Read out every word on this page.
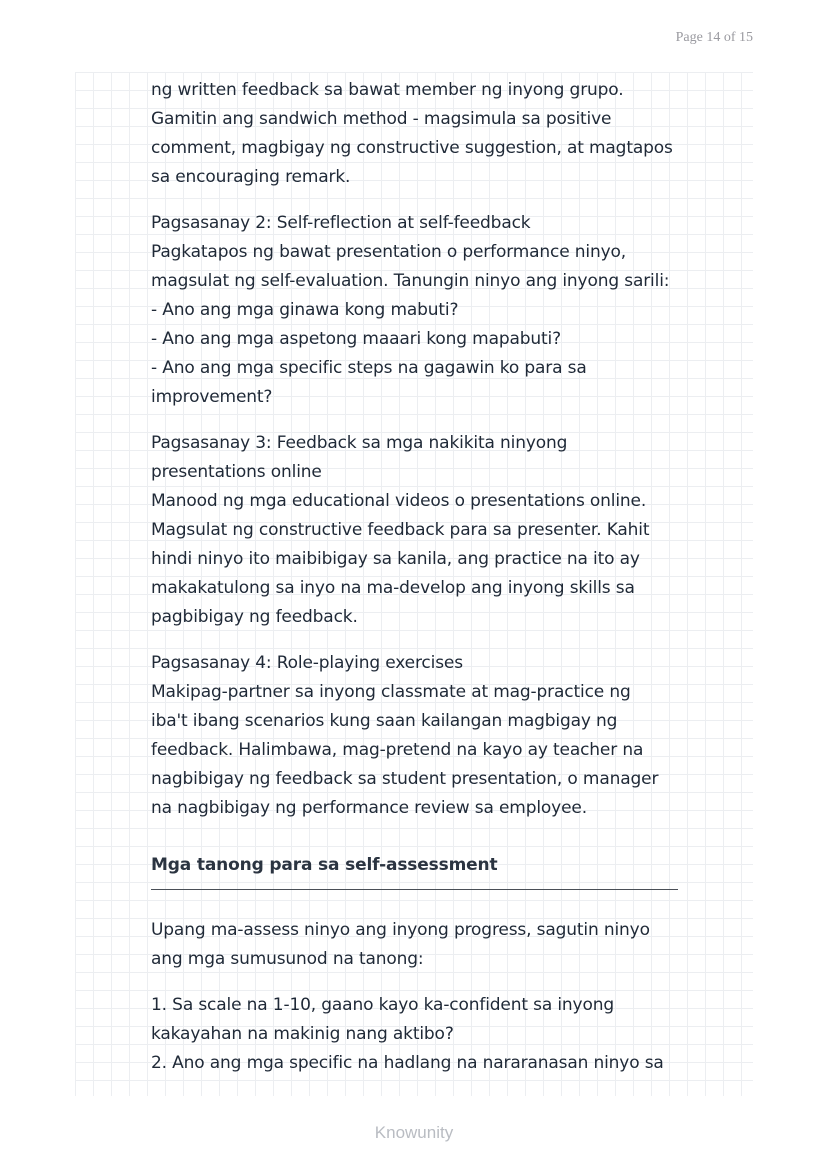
Page 14 of 15

ng written feedback sa bawat member ng inyong grupo.
Gamitin ang sandwich method - magsimula sa positive
comment, magbigay ng constructive suggestion, at magtapos
sa encouraging remark.

Pagsasanay 2: Self-reflection at self-feedback
Pagkatapos ng bawat presentation o performance ninyo,
magsulat ng self-evaluation. Tanungin ninyo ang inyong sarili:
- Ano ang mga ginawa kong mabuti?
- Ano ang mga aspetong maaari kong mapabuti?
- Ano ang mga specific steps na gagawin ko para sa
improvement?

Pagsasanay 3: Feedback sa mga nakikita ninyong
presentations online
Manood ng mga educational videos o presentations online.
Magsulat ng constructive feedback para sa presenter. Kahit
hindi ninyo ito maibibigay sa kanila, ang practice na ito ay
makakatulong sa inyo na ma-develop ang inyong skills sa
pagbibigay ng feedback.

Pagsasanay 4: Role-playing exercises
Makipag-partner sa inyong classmate at mag-practice ng
iba't ibang scenarios kung saan kailangan magbigay ng
feedback. Halimbawa, mag-pretend na kayo ay teacher na
nagbibigay ng feedback sa student presentation, o manager
na nagbibigay ng performance review sa employee.

Mga tanong para sa self-assessment

Upang ma-assess ninyo ang inyong progress, sagutin ninyo
ang mga sumusunod na tanong:

1. Sa scale na 1-10, gaano kayo ka-confident sa inyong
kakayahan na makinig nang aktibo?
2. Ano ang mga specific na hadlang na nararanasan ninyo sa

Knowunity
